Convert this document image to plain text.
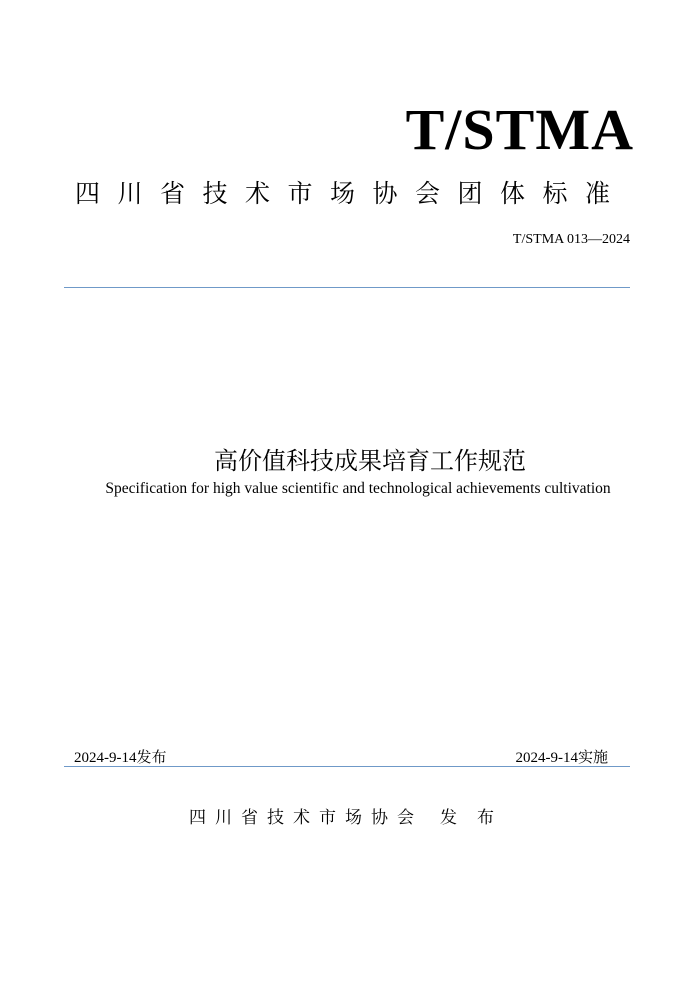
T/STMA
四川省技术市场协会团体标准
T/STMA 013—2024
高价值科技成果培育工作规范
Specification for high value scientific and technological achievements cultivation
2024-9-14发布	2024-9-14实施
四川省技术市场协会 发布
